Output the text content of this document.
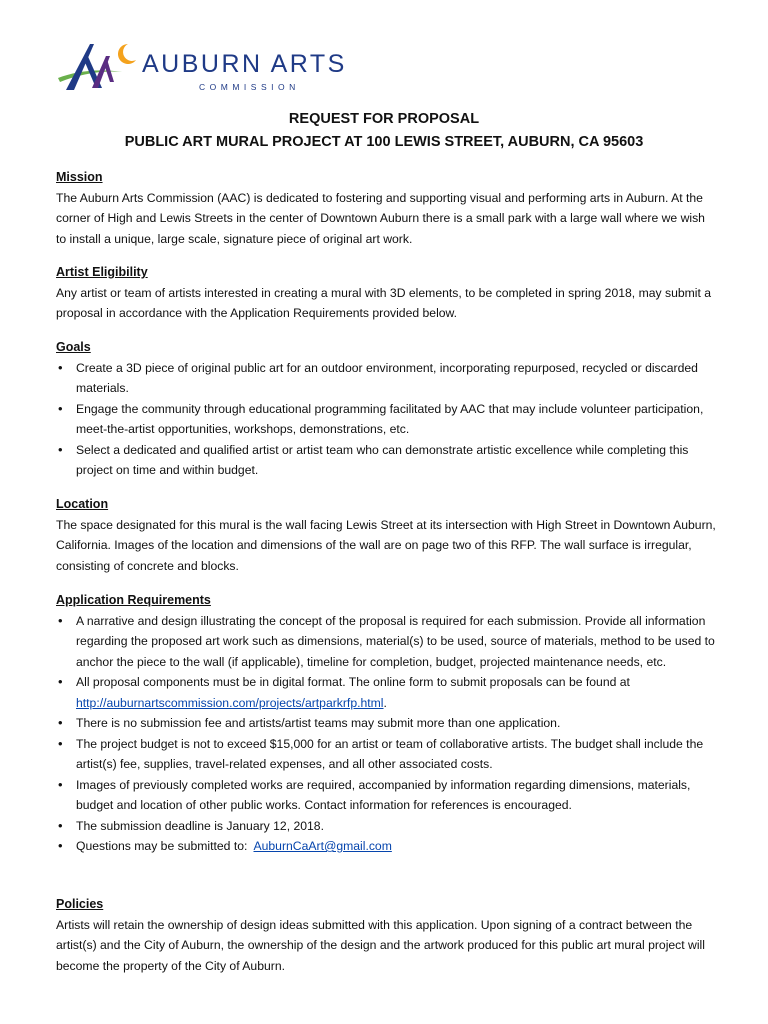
AUBURN ARTS
COMMISSION
REQUEST FOR PROPOSAL
PUBLIC ART MURAL PROJECT AT 100 LEWIS STREET, AUBURN, CA 95603

Mission

The Auburn Arts Commission (AAC) is dedicated to fostering and supporting visual and performing arts in Auburn. At the corner of High and Lewis Streets in the center of Downtown Auburn there is a small park with a large wall where we wish to install a unique, large scale, signature piece of original art work.

Artist Eligibility

Any artist or team of artists interested in creating a mural with 3D elements, to be completed in spring 2018, may submit a proposal in accordance with the Application Requirements provided below.

Goals

• Create a 3D piece of original public art for an outdoor environment, incorporating repurposed, recycled or discarded materials.
• Engage the community through educational programming facilitated by AAC that may include volunteer participation, meet-the-artist opportunities, workshops, demonstrations, etc.
• Select a dedicated and qualified artist or artist team who can demonstrate artistic excellence while completing this project on time and within budget.

Location

The space designated for this mural is the wall facing Lewis Street at its intersection with High Street in Downtown Auburn, California. Images of the location and dimensions of the wall are on page two of this RFP. The wall surface is irregular, consisting of concrete and blocks.

Application Requirements

• A narrative and design illustrating the concept of the proposal is required for each submission. Provide all information regarding the proposed art work such as dimensions, material(s) to be used, source of materials, method to be used to anchor the piece to the wall (if applicable), timeline for completion, budget, projected maintenance needs, etc.
• All proposal components must be in digital format. The online form to submit proposals can be found at
http://auburnartscommission.com/projects/artparkrfp.html.
• There is no submission fee and artists/artist teams may submit more than one application.
• The project budget is not to exceed $15,000 for an artist or team of collaborative artists. The budget shall include the artist(s) fee, supplies, travel-related expenses, and all other associated costs.
• Images of previously completed works are required, accompanied by information regarding dimensions, materials, budget and location of other public works. Contact information for references is encouraged.
• The submission deadline is January 12, 2018.
• Questions may be submitted to: AuburnCaArt@gmail.com

Policies

Artists will retain the ownership of design ideas submitted with this application. Upon signing of a contract between the artist(s) and the City of Auburn, the ownership of the design and the artwork produced for this public art mural project will become the property of the City of Auburn.
